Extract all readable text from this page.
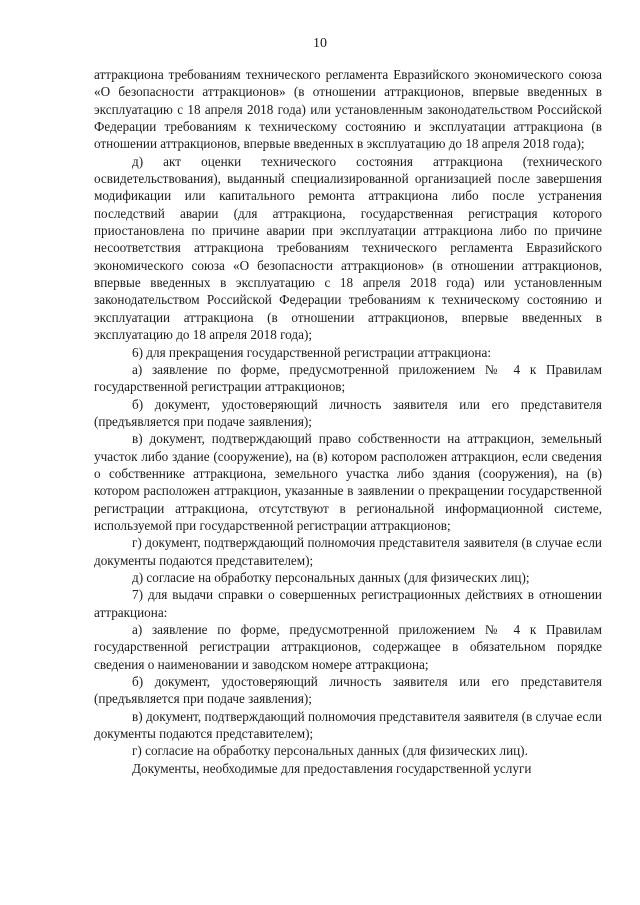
10

аттракциона требованиям технического регламента Евразийского экономического союза «О безопасности аттракционов» (в отношении аттракционов, впервые введенных в эксплуатацию с 18 апреля 2018 года) или установленным законодательством Российской Федерации требованиям к техническому состоянию и эксплуатации аттракциона (в отношении аттракционов, впервые введенных в эксплуатацию до 18 апреля 2018 года);

д) акт оценки технического состояния аттракциона (технического освидетельствования), выданный специализированной организацией после завершения модификации или капитального ремонта аттракциона либо после устранения последствий аварии (для аттракциона, государственная регистрация которого приостановлена по причине аварии при эксплуатации аттракциона либо по причине несоответствия аттракциона требованиям технического регламента Евразийского экономического союза «О безопасности аттракционов» (в отношении аттракционов, впервые введенных в эксплуатацию с 18 апреля 2018 года) или установленным законодательством Российской Федерации требованиям к техническому состоянию и эксплуатации аттракциона (в отношении аттракционов, впервые введенных в эксплуатацию до 18 апреля 2018 года);

6) для прекращения государственной регистрации аттракциона:

а) заявление по форме, предусмотренной приложением № 4 к Правилам государственной регистрации аттракционов;

б) документ, удостоверяющий личность заявителя или его представителя (предъявляется при подаче заявления);

в) документ, подтверждающий право собственности на аттракцион, земельный участок либо здание (сооружение), на (в) котором расположен аттракцион, если сведения о собственнике аттракциона, земельного участка либо здания (сооружения), на (в) котором расположен аттракцион, указанные в заявлении о прекращении государственной регистрации аттракциона, отсутствуют в региональной информационной системе, используемой при государственной регистрации аттракционов;

г) документ, подтверждающий полномочия представителя заявителя (в случае если документы подаются представителем);

д) согласие на обработку персональных данных (для физических лиц);

7) для выдачи справки о совершенных регистрационных действиях в отношении аттракциона:

а) заявление по форме, предусмотренной приложением № 4 к Правилам государственной регистрации аттракционов, содержащее в обязательном порядке сведения о наименовании и заводском номере аттракциона;

б) документ, удостоверяющий личность заявителя или его представителя (предъявляется при подаче заявления);

в) документ, подтверждающий полномочия представителя заявителя (в случае если документы подаются представителем);

г) согласие на обработку персональных данных (для физических лиц).

Документы, необходимые для предоставления государственной услуги
